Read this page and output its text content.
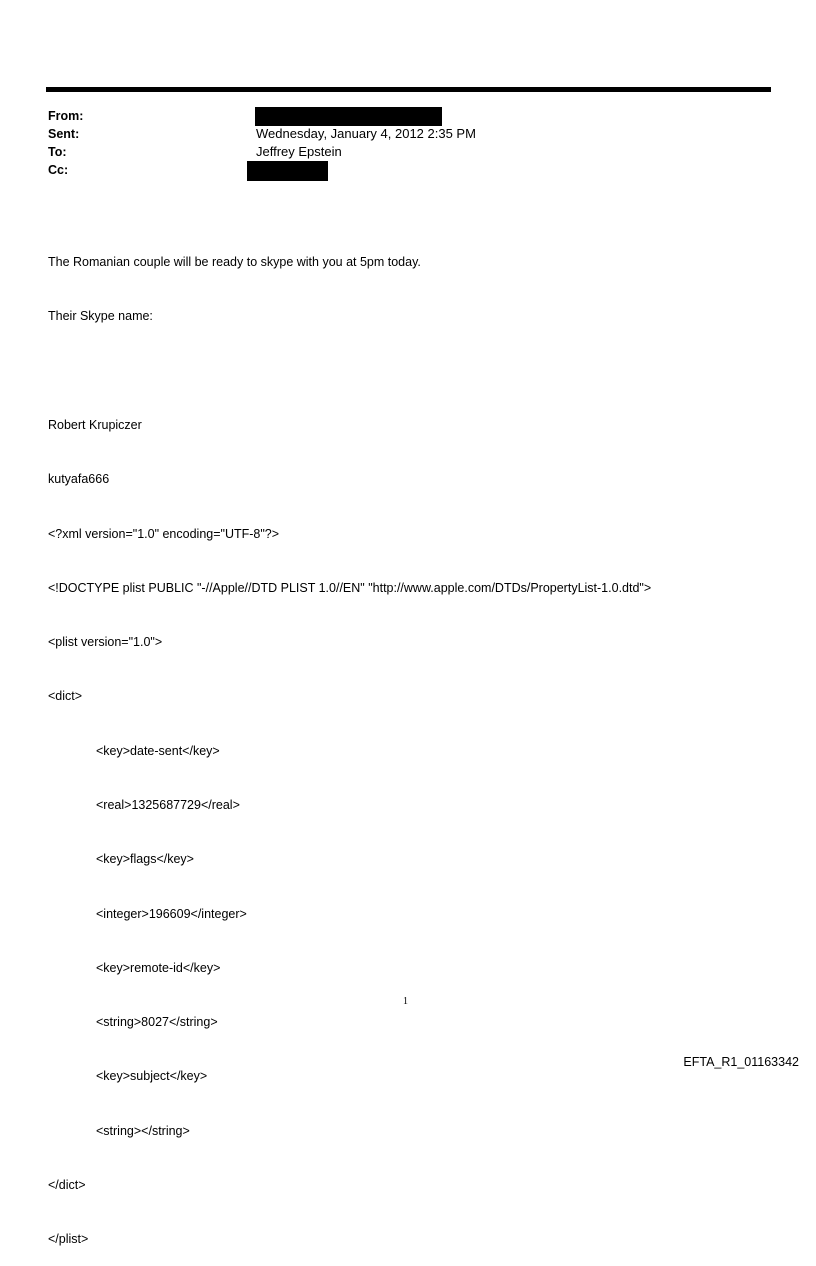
From:
Sent:	Wednesday, January 4, 2012 2:35 PM
To:	Jeffrey Epstein
Cc:

The Romanian couple will be ready to skype with you at 5pm today.

Their Skype name:

Robert Krupiczer

kutyafa666

<?xml version="1.0" encoding="UTF-8"?>

<!DOCTYPE plist PUBLIC "-//Apple//DTD PLIST 1.0//EN" "http://www.apple.com/DTDs/PropertyList-1.0.dtd">

<plist version="1.0">

<dict>

<key>date-sent</key>

<real>1325687729</real>

<key>flags</key>

<integer>196609</integer>

<key>remote-id</key>

<string>8027</string>

<key>subject</key>

<string></string>

</dict>

</plist>

1
EFTA_R1_01163342
